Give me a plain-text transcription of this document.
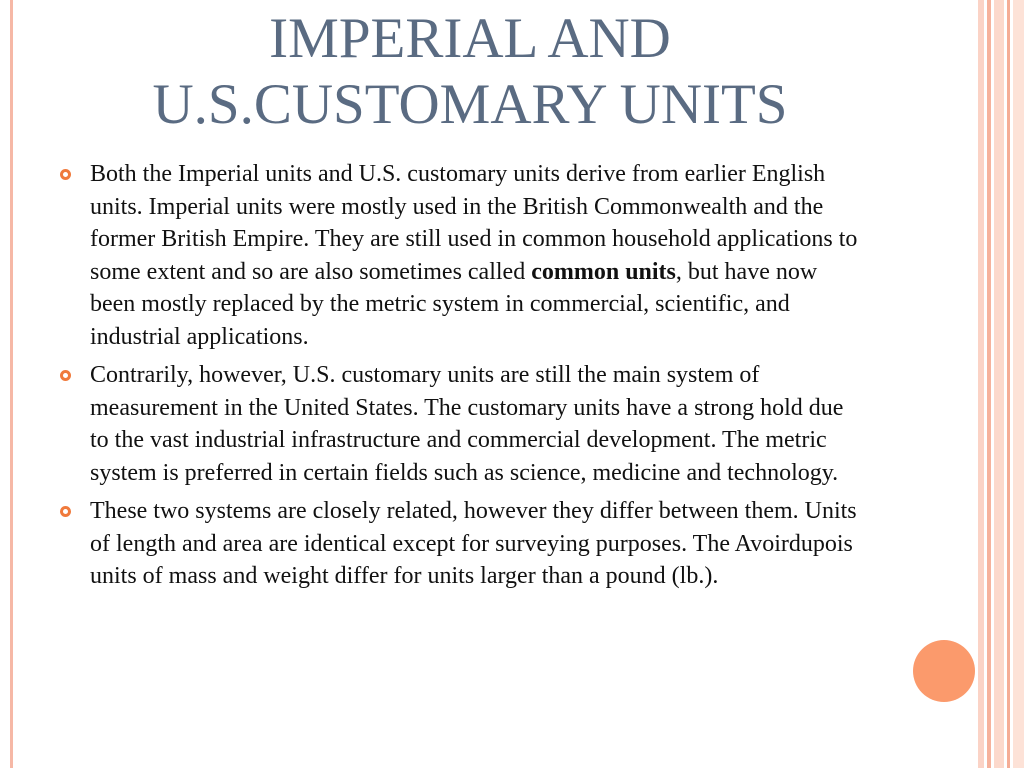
IMPERIAL AND
U.S.CUSTOMARY UNITS
Both the Imperial units and U.S. customary units derive from earlier English units. Imperial units were mostly used in the British Commonwealth and the former British Empire. They are still used in common household applications to some extent and so are also sometimes called common units, but have now been mostly replaced by the metric system in commercial, scientific, and industrial applications.
Contrarily, however, U.S. customary units are still the main system of measurement in the United States. The customary units have a strong hold due to the vast industrial infrastructure and commercial development. The metric system is preferred in certain fields such as science, medicine and technology.
These two systems are closely related, however they differ between them. Units of length and area are identical except for surveying purposes. The Avoirdupois units of mass and weight differ for units larger than a pound (lb.).
